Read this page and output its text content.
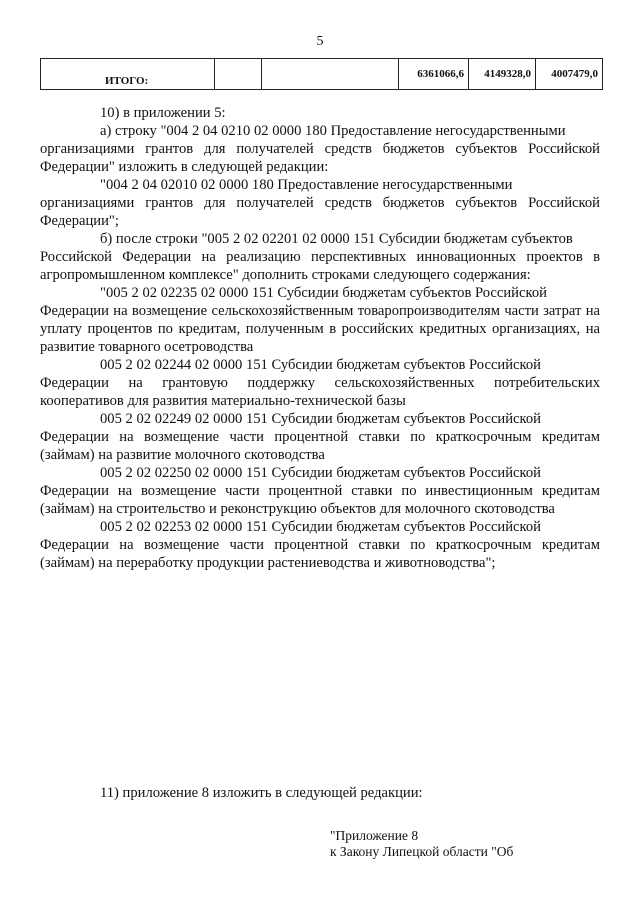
5
ИТОГО:			6361066,6	4149328,0	4007479,0

10) в приложении 5:

а) строку "004 2 04 0210 02 0000 180 Предоставление негосударственными

организациями грантов для получателей средств бюджетов субъектов Российской Федерации" изложить в следующей редакции:

"004 2 04 02010 02 0000 180 Предоставление негосударственными

организациями грантов для получателей средств бюджетов субъектов Российской Федерации";

б) после строки "005 2 02 02201 02 0000 151 Субсидии бюджетам субъектов

Российской Федерации на реализацию перспективных инновационных проектов в агропромышленном комплексе" дополнить строками следующего содержания:

"005 2 02 02235 02 0000 151 Субсидии бюджетам субъектов Российской

Федерации на возмещение сельскохозяйственным товаропроизводителям части затрат на уплату процентов по кредитам, полученным в российских кредитных организациях, на развитие товарного осетроводства

005 2 02 02244 02 0000 151 Субсидии бюджетам субъектов Российской

Федерации на грантовую поддержку сельскохозяйственных потребительских кооперативов для развития материально-технической базы

005 2 02 02249 02 0000 151 Субсидии бюджетам субъектов Российской

Федерации на возмещение части процентной ставки по краткосрочным кредитам (займам) на развитие молочного скотоводства

005 2 02 02250 02 0000 151 Субсидии бюджетам субъектов Российской

Федерации на возмещение части процентной ставки по инвестиционным кредитам (займам) на строительство и реконструкцию объектов для молочного скотоводства

005 2 02 02253 02 0000 151 Субсидии бюджетам субъектов Российской

Федерации на возмещение части процентной ставки по краткосрочным кредитам (займам) на переработку продукции растениеводства и животноводства";

11) приложение 8 изложить в следующей редакции:

"Приложение 8

к Закону Липецкой области "Об
